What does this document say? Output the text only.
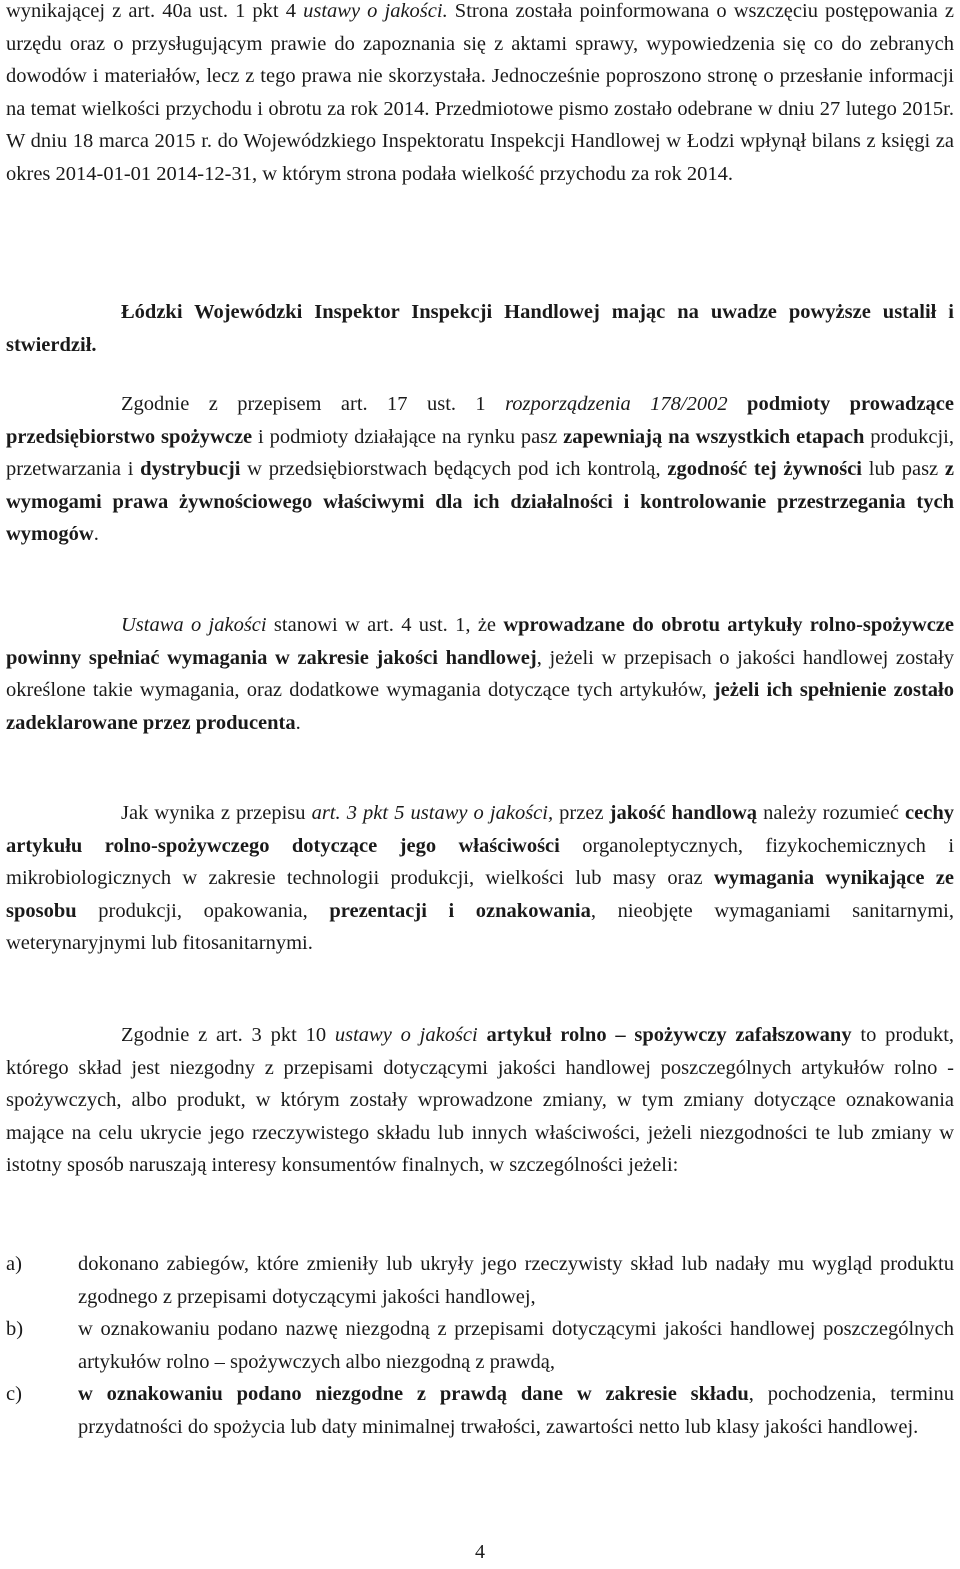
wynikającej z art. 40a ust. 1 pkt 4 ustawy o jakości. Strona została poinformowana o wszczęciu postępowania z urzędu oraz o przysługującym prawie do zapoznania się z aktami sprawy, wypowiedzenia się co do zebranych dowodów i materiałów, lecz z tego prawa nie skorzystała. Jednocześnie poproszono stronę o przesłanie informacji na temat wielkości przychodu i obrotu za rok 2014. Przedmiotowe pismo zostało odebrane w dniu 27 lutego 2015r. W dniu 18 marca 2015 r. do Wojewódzkiego Inspektoratu Inspekcji Handlowej w Łodzi wpłynął bilans z księgi za okres 2014-01-01 2014-12-31, w którym strona podała wielkość przychodu za rok 2014.

Łódzki Wojewódzki Inspektor Inspekcji Handlowej mając na uwadze powyższe ustalił i stwierdził.

Zgodnie z przepisem art. 17 ust. 1 rozporządzenia 178/2002 podmioty prowadzące przedsiębiorstwo spożywcze i podmioty działające na rynku pasz zapewniają na wszystkich etapach produkcji, przetwarzania i dystrybucji w przedsiębiorstwach będących pod ich kontrolą, zgodność tej żywności lub pasz z wymogami prawa żywnościowego właściwymi dla ich działalności i kontrolowanie przestrzegania tych wymogów.

Ustawa o jakości stanowi w art. 4 ust. 1, że wprowadzane do obrotu artykuły rolno-spożywcze powinny spełniać wymagania w zakresie jakości handlowej, jeżeli w przepisach o jakości handlowej zostały określone takie wymagania, oraz dodatkowe wymagania dotyczące tych artykułów, jeżeli ich spełnienie zostało zadeklarowane przez producenta.

Jak wynika z przepisu art. 3 pkt 5 ustawy o jakości, przez jakość handlową należy rozumieć cechy artykułu rolno-spożywczego dotyczące jego właściwości organoleptycznych, fizykochemicznych i mikrobiologicznych w zakresie technologii produkcji, wielkości lub masy oraz wymagania wynikające ze sposobu produkcji, opakowania, prezentacji i oznakowania, nieobjęte wymaganiami sanitarnymi, weterynaryjnymi lub fitosanitarnymi.

Zgodnie z art. 3 pkt 10 ustawy o jakości artykuł rolno – spożywczy zafałszowany to produkt, którego skład jest niezgodny z przepisami dotyczącymi jakości handlowej poszczególnych artykułów rolno - spożywczych, albo produkt, w którym zostały wprowadzone zmiany, w tym zmiany dotyczące oznakowania mające na celu ukrycie jego rzeczywistego składu lub innych właściwości, jeżeli niezgodności te lub zmiany w istotny sposób naruszają interesy konsumentów finalnych, w szczególności jeżeli:

a)	dokonano zabiegów, które zmieniły lub ukryły jego rzeczywisty skład lub nadały mu wygląd produktu zgodnego z przepisami dotyczącymi jakości handlowej,
b)	w oznakowaniu podano nazwę niezgodną z przepisami dotyczącymi jakości handlowej poszczególnych artykułów rolno – spożywczych albo niezgodną z prawdą,
c)	w oznakowaniu podano niezgodne z prawdą dane w zakresie składu, pochodzenia, terminu przydatności do spożycia lub daty minimalnej trwałości, zawartości netto lub klasy jakości handlowej.
4
